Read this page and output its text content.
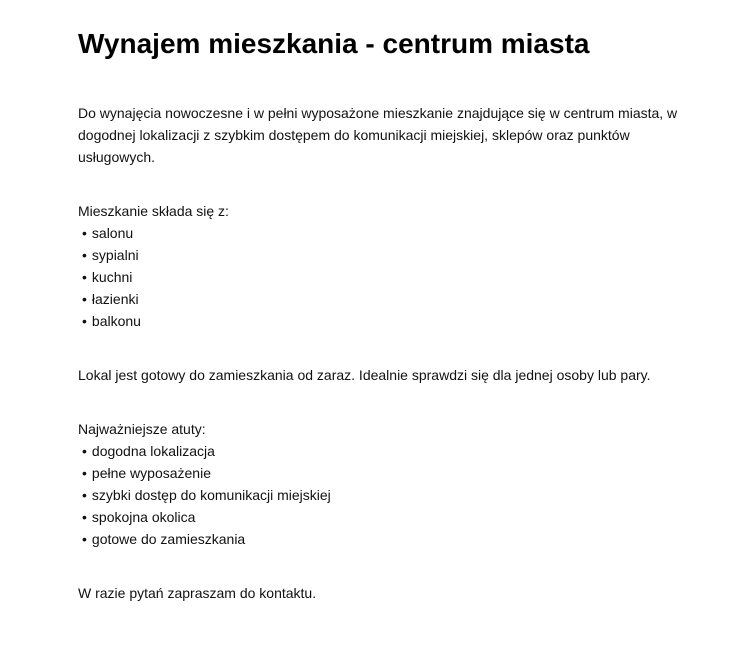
Wynajem mieszkania - centrum miasta

Do wynajęcia nowoczesne i w pełni wyposażone mieszkanie znajdujące się w centrum miasta, w dogodnej lokalizacji z szybkim dostępem do komunikacji miejskiej, sklepów oraz punktów usługowych.

Mieszkanie składa się z:

• salonu
• sypialni
• kuchni
• łazienki
• balkonu

Lokal jest gotowy do zamieszkania od zaraz. Idealnie sprawdzi się dla jednej osoby lub pary.

Najważniejsze atuty:

• dogodna lokalizacja
• pełne wyposażenie
• szybki dostęp do komunikacji miejskiej
• spokojna okolica
• gotowe do zamieszkania

W razie pytań zapraszam do kontaktu.
